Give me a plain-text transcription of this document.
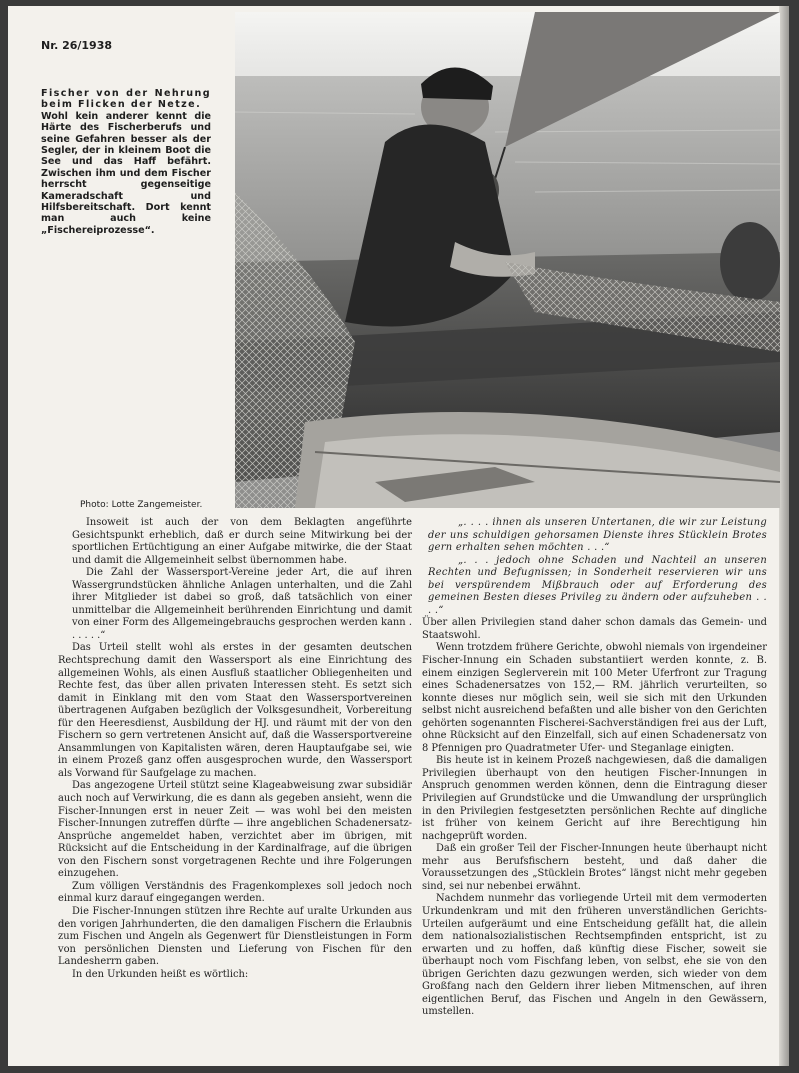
Nr. 26/1938
Fischer von der Nehrung beim Flicken der Netze.
Wohl kein anderer kennt die Härte des Fischerberufs und seine Gefahren besser als der Segler, der in kleinem Boot die See und das Haff befährt. Zwischen ihm und dem Fischer herrscht gegenseitige Kameradschaft und Hilfsbereitschaft. Dort kennt man auch keine „Fischereiprozesse“.
Photo: Lotte Zangemeister.

Insoweit ist auch der von dem Beklagten angeführte Gesichtspunkt erheblich, daß er durch seine Mitwirkung bei der sportlichen Ertüchtigung an einer Aufgabe mitwirke, die der Staat und damit die Allgemeinheit selbst übernommen habe.

Die Zahl der Wassersport-Vereine jeder Art, die auf ihren Wassergrundstücken ähnliche Anlagen unterhalten, und die Zahl ihrer Mitglieder ist dabei so groß, daß tatsächlich von einer unmittelbar die Allgemeinheit berührenden Einrichtung und damit von einer Form des Allgemeingebrauchs gesprochen werden kann . . . . . .“

Das Urteil stellt wohl als erstes in der gesamten deutschen Rechtsprechung damit den Wassersport als eine Einrichtung des allgemeinen Wohls, als einen Ausfluß staatlicher Obliegenheiten und Rechte fest, das über allen privaten Interessen steht. Es setzt sich damit in Einklang mit den vom Staat den Wassersportvereinen übertragenen Aufgaben bezüglich der Volksgesundheit, Vorbereitung für den Heeresdienst, Ausbildung der HJ. und räumt mit der von den Fischern so gern vertretenen Ansicht auf, daß die Wassersportvereine Ansammlungen von Kapitalisten wären, deren Hauptaufgabe sei, wie in einem Prozeß ganz offen ausgesprochen wurde, den Wassersport als Vorwand für Saufgelage zu machen.

Das angezogene Urteil stützt seine Klageabweisung zwar subsidiär auch noch auf Verwirkung, die es dann als gegeben ansieht, wenn die Fischer-Innungen erst in neuer Zeit — was wohl bei den meisten Fischer-Innungen zutreffen dürfte — ihre angeblichen Schadenersatz-Ansprüche angemeldet haben, verzichtet aber im übrigen, mit Rücksicht auf die Entscheidung in der Kardinalfrage, auf die übrigen von den Fischern sonst vorgetragenen Rechte und ihre Folgerungen einzugehen.

Zum völligen Verständnis des Fragenkomplexes soll jedoch noch einmal kurz darauf eingegangen werden.

Die Fischer-Innungen stützen ihre Rechte auf uralte Urkunden aus den vorigen Jahrhunderten, die den damaligen Fischern die Erlaubnis zum Fischen und Angeln als Gegenwert für Dienstleistungen in Form von persönlichen Diensten und Lieferung von Fischen für den Landesherrn gaben.

In den Urkunden heißt es wörtlich:

„. . . . ihnen als unseren Untertanen, die wir zur Leistung der uns schuldigen gehorsamen Dienste ihres Stücklein Brotes gern erhalten sehen möchten . . .“

„. . . jedoch ohne Schaden und Nachteil an unseren Rechten und Befugnissen; in Sonderheit reservieren wir uns bei verspürendem Mißbrauch oder auf Erforderung des gemeinen Besten dieses Privileg zu ändern oder aufzuheben . . . .“

Über allen Privilegien stand daher schon damals das Gemein- und Staatswohl.

Wenn trotzdem frühere Gerichte, obwohl niemals von irgendeiner Fischer-Innung ein Schaden substantiiert werden konnte, z. B. einem einzigen Seglerverein mit 100 Meter Uferfront zur Tragung eines Schadenersatzes von 152,— RM. jährlich verurteilten, so konnte dieses nur möglich sein, weil sie sich mit den Urkunden selbst nicht ausreichend befaßten und alle bisher von den Gerichten gehörten sogenannten Fischerei-Sachverständigen frei aus der Luft, ohne Rücksicht auf den Einzelfall, sich auf einen Schadenersatz von 8 Pfennigen pro Quadratmeter Ufer- und Steganlage einigten.

Bis heute ist in keinem Prozeß nachgewiesen, daß die damaligen Privilegien überhaupt von den heutigen Fischer-Innungen in Anspruch genommen werden können, denn die Eintragung dieser Privilegien auf Grundstücke und die Umwandlung der ursprünglich in den Privilegien festgesetzten persönlichen Rechte auf dingliche ist früher von keinem Gericht auf ihre Berechtigung hin nachgeprüft worden.

Daß ein großer Teil der Fischer-Innungen heute überhaupt nicht mehr aus Berufsfischern besteht, und daß daher die Voraussetzungen des „Stücklein Brotes“ längst nicht mehr gegeben sind, sei nur nebenbei erwähnt.

Nachdem nunmehr das vorliegende Urteil mit dem vermoderten Urkundenkram und mit den früheren unverständlichen Gerichts-Urteilen aufgeräumt und eine Entscheidung gefällt hat, die allein dem nationalsozialistischen Rechtsempfinden entspricht, ist zu erwarten und zu hoffen, daß künftig diese Fischer, soweit sie überhaupt noch vom Fischfang leben, von selbst, ehe sie von den übrigen Gerichten dazu gezwungen werden, sich wieder von dem Großfang nach den Geldern ihrer lieben Mitmenschen, auf ihren eigentlichen Beruf, das Fischen und Angeln in den Gewässern, umstellen.
